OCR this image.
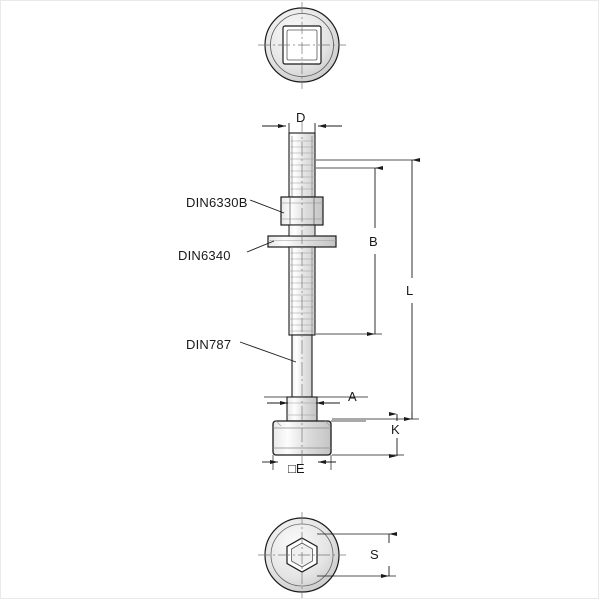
DIN6330B
DIN6340
DIN787
D
B
L
A
K
□E
S
